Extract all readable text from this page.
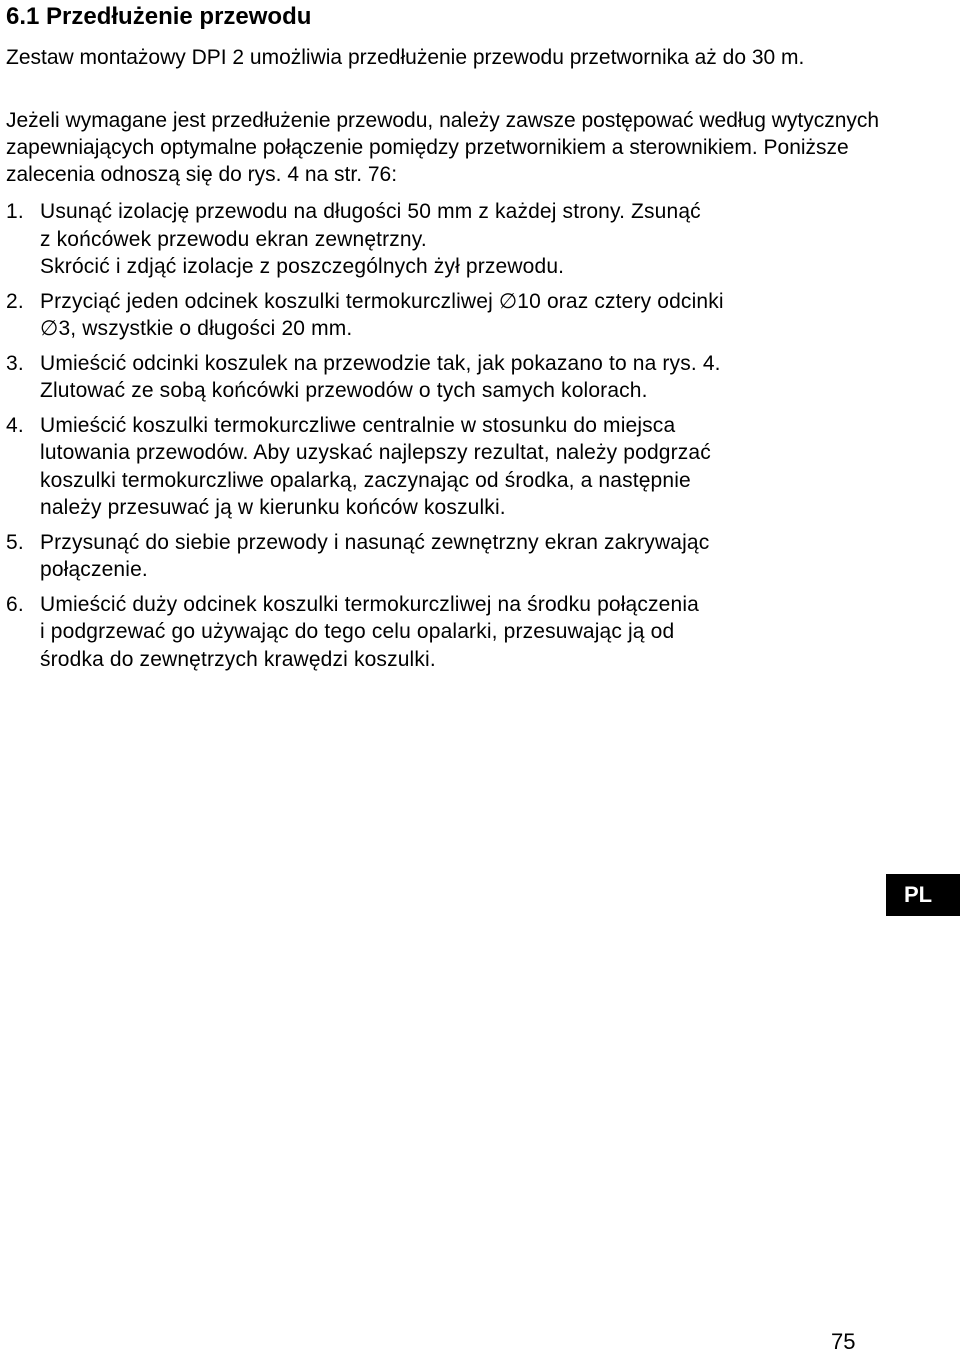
6.1 Przedłużenie przewodu

Zestaw montażowy DPI 2 umożliwia przedłużenie przewodu przetwornika aż do 30 m.

Jeżeli wymagane jest przedłużenie przewodu, należy zawsze postępować według wytycznych zapewniających optymalne połączenie pomiędzy przetwornikiem a sterownikiem. Poniższe zalecenia odnoszą się do rys. 4 na str. 76:

1. Usunąć izolację przewodu na długości 50 mm z każdej strony. Zsunąć
z końcówek przewodu ekran zewnętrzny.
Skrócić i zdjąć izolacje z poszczególnych żył przewodu.
2. Przyciąć jeden odcinek koszulki termokurczliwej ∅10 oraz cztery odcinki
∅3, wszystkie o długości 20 mm.
3. Umieścić odcinki koszulek na przewodzie tak, jak pokazano to na rys. 4.
Zlutować ze sobą końcówki przewodów o tych samych kolorach.
4. Umieścić koszulki termokurczliwe centralnie w stosunku do miejsca
lutowania przewodów. Aby uzyskać najlepszy rezultat, należy podgrzać
koszulki termokurczliwe opalarką, zaczynając od środka, a następnie
należy przesuwać ją w kierunku końców koszulki.
5. Przysunąć do siebie przewody i nasunąć zewnętrzny ekran zakrywając
połączenie.
6. Umieścić duży odcinek koszulki termokurczliwej na środku połączenia
i podgrzewać go używając do tego celu opalarki, przesuwając ją od
środka do zewnętrzych krawędzi koszulki.
PL
75
